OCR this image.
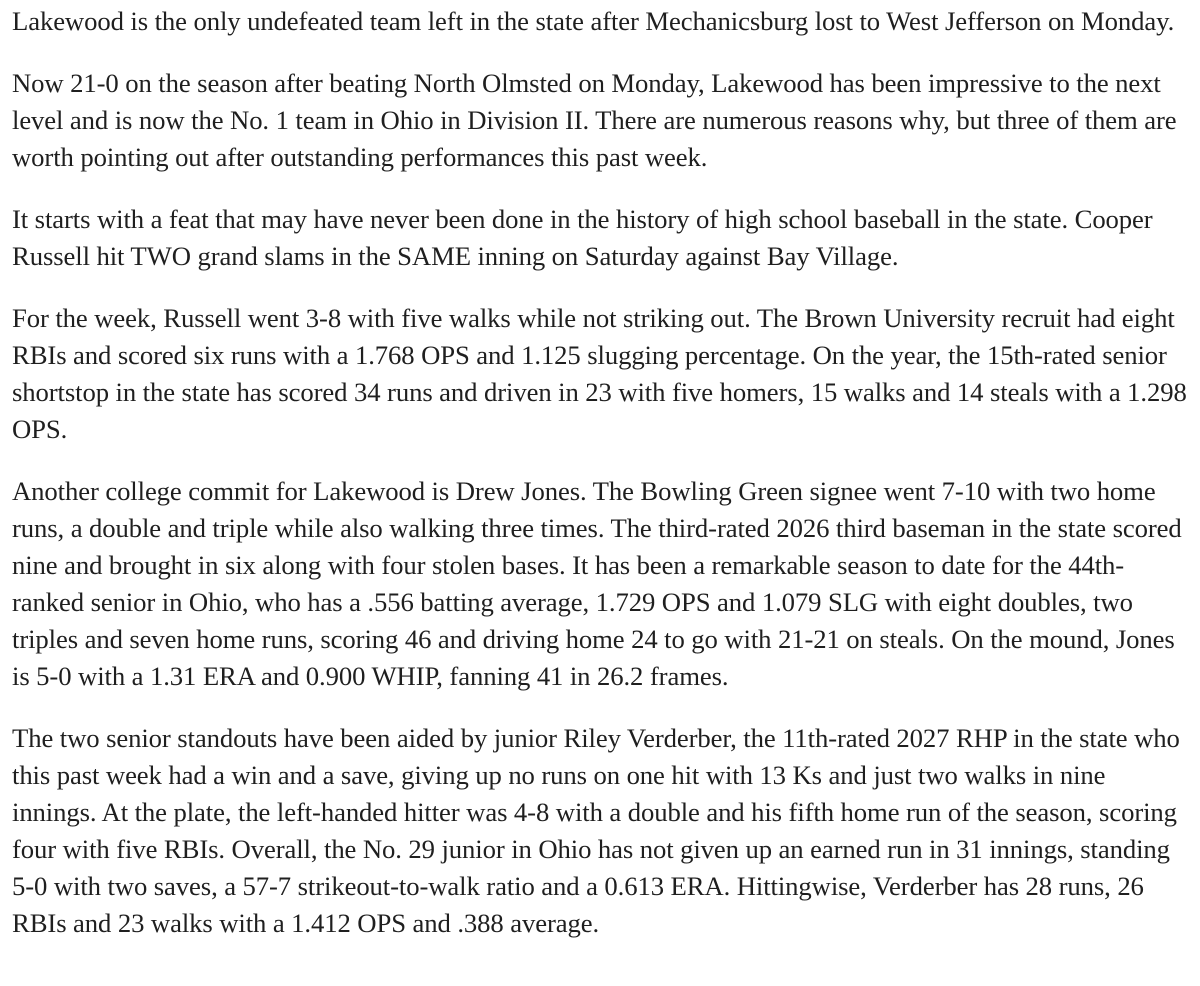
Lakewood is the only undefeated team left in the state after Mechanicsburg lost to West Jefferson on Monday.

Now 21-0 on the season after beating North Olmsted on Monday, Lakewood has been impressive to the next level and is now the No. 1 team in Ohio in Division II. There are numerous reasons why, but three of them are worth pointing out after outstanding performances this past week.

It starts with a feat that may have never been done in the history of high school baseball in the state. Cooper Russell hit TWO grand slams in the SAME inning on Saturday against Bay Village.

For the week, Russell went 3-8 with five walks while not striking out. The Brown University recruit had eight RBIs and scored six runs with a 1.768 OPS and 1.125 slugging percentage. On the year, the 15th-rated senior shortstop in the state has scored 34 runs and driven in 23 with five homers, 15 walks and 14 steals with a 1.298 OPS.

Another college commit for Lakewood is Drew Jones. The Bowling Green signee went 7-10 with two home runs, a double and triple while also walking three times. The third-rated 2026 third baseman in the state scored nine and brought in six along with four stolen bases. It has been a remarkable season to date for the 44th-ranked senior in Ohio, who has a .556 batting average, 1.729 OPS and 1.079 SLG with eight doubles, two triples and seven home runs, scoring 46 and driving home 24 to go with 21-21 on steals. On the mound, Jones is 5-0 with a 1.31 ERA and 0.900 WHIP, fanning 41 in 26.2 frames.

The two senior standouts have been aided by junior Riley Verderber, the 11th-rated 2027 RHP in the state who this past week had a win and a save, giving up no runs on one hit with 13 Ks and just two walks in nine innings. At the plate, the left-handed hitter was 4-8 with a double and his fifth home run of the season, scoring four with five RBIs. Overall, the No. 29 junior in Ohio has not given up an earned run in 31 innings, standing 5-0 with two saves, a 57-7 strikeout-to-walk ratio and a 0.613 ERA. Hittingwise, Verderber has 28 runs, 26 RBIs and 23 walks with a 1.412 OPS and .388 average.
